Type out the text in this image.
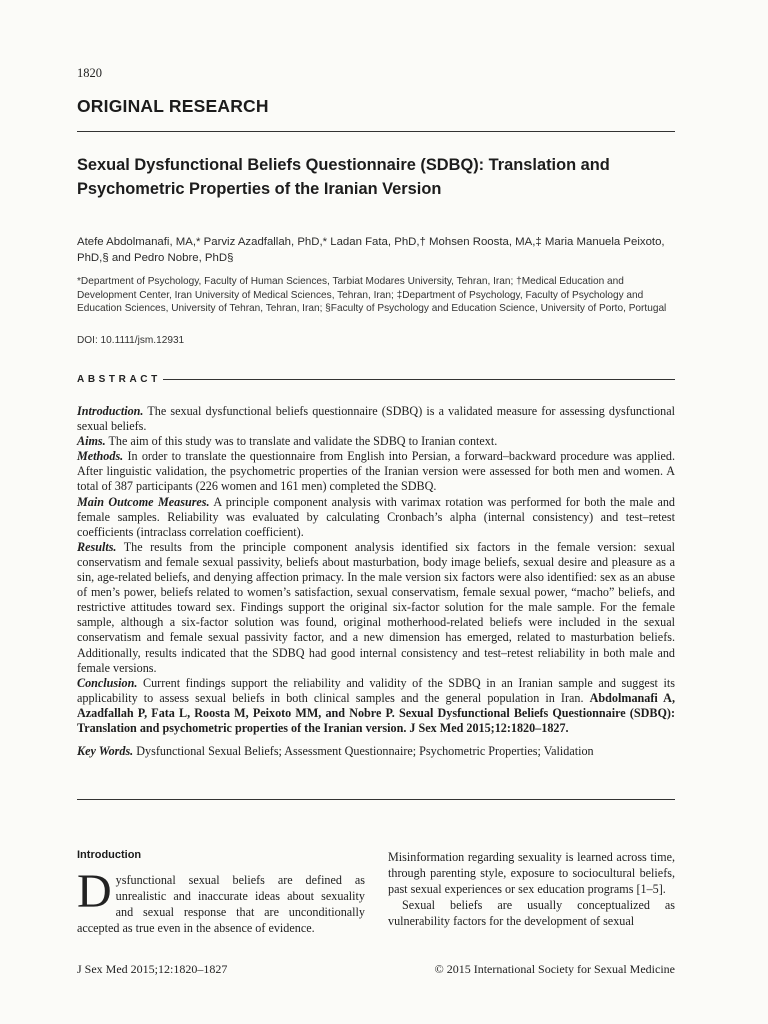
1820
ORIGINAL RESEARCH
Sexual Dysfunctional Beliefs Questionnaire (SDBQ): Translation and Psychometric Properties of the Iranian Version
Atefe Abdolmanafi, MA,* Parviz Azadfallah, PhD,* Ladan Fata, PhD,† Mohsen Roosta, MA,‡ Maria Manuela Peixoto, PhD,§ and Pedro Nobre, PhD§
*Department of Psychology, Faculty of Human Sciences, Tarbiat Modares University, Tehran, Iran; †Medical Education and Development Center, Iran University of Medical Sciences, Tehran, Iran; ‡Department of Psychology, Faculty of Psychology and Education Sciences, University of Tehran, Tehran, Iran; §Faculty of Psychology and Education Science, University of Porto, Portugal
DOI: 10.1111/jsm.12931
ABSTRACT

Introduction. The sexual dysfunctional beliefs questionnaire (SDBQ) is a validated measure for assessing dysfunctional sexual beliefs.

Aims. The aim of this study was to translate and validate the SDBQ to Iranian context.

Methods. In order to translate the questionnaire from English into Persian, a forward–backward procedure was applied. After linguistic validation, the psychometric properties of the Iranian version were assessed for both men and women. A total of 387 participants (226 women and 161 men) completed the SDBQ.

Main Outcome Measures. A principle component analysis with varimax rotation was performed for both the male and female samples. Reliability was evaluated by calculating Cronbach’s alpha (internal consistency) and test–retest coefficients (intraclass correlation coefficient).

Results. The results from the principle component analysis identified six factors in the female version: sexual conservatism and female sexual passivity, beliefs about masturbation, body image beliefs, sexual desire and pleasure as a sin, age-related beliefs, and denying affection primacy. In the male version six factors were also identified: sex as an abuse of men’s power, beliefs related to women’s satisfaction, sexual conservatism, female sexual power, “macho” beliefs, and restrictive attitudes toward sex. Findings support the original six-factor solution for the male sample. For the female sample, although a six-factor solution was found, original motherhood-related beliefs were included in the sexual conservatism and female sexual passivity factor, and a new dimension has emerged, related to masturbation beliefs. Additionally, results indicated that the SDBQ had good internal consistency and test–retest reliability in both male and female versions.

Conclusion. Current findings support the reliability and validity of the SDBQ in an Iranian sample and suggest its applicability to assess sexual beliefs in both clinical samples and the general population in Iran. Abdolmanafi A, Azadfallah P, Fata L, Roosta M, Peixoto MM, and Nobre P. Sexual Dysfunctional Beliefs Questionnaire (SDBQ): Translation and psychometric properties of the Iranian version. J Sex Med 2015;12:1820–1827.

Key Words. Dysfunctional Sexual Beliefs; Assessment Questionnaire; Psychometric Properties; Validation

Introduction

Dysfunctional sexual beliefs are defined as unrealistic and inaccurate ideas about sexuality and sexual response that are unconditionally accepted as true even in the absence of evidence.

Misinformation regarding sexuality is learned across time, through parenting style, exposure to sociocultural beliefs, past sexual experiences or sex education programs [1–5].

Sexual beliefs are usually conceptualized as vulnerability factors for the development of sexual

J Sex Med 2015;12:1820–1827	© 2015 International Society for Sexual Medicine
